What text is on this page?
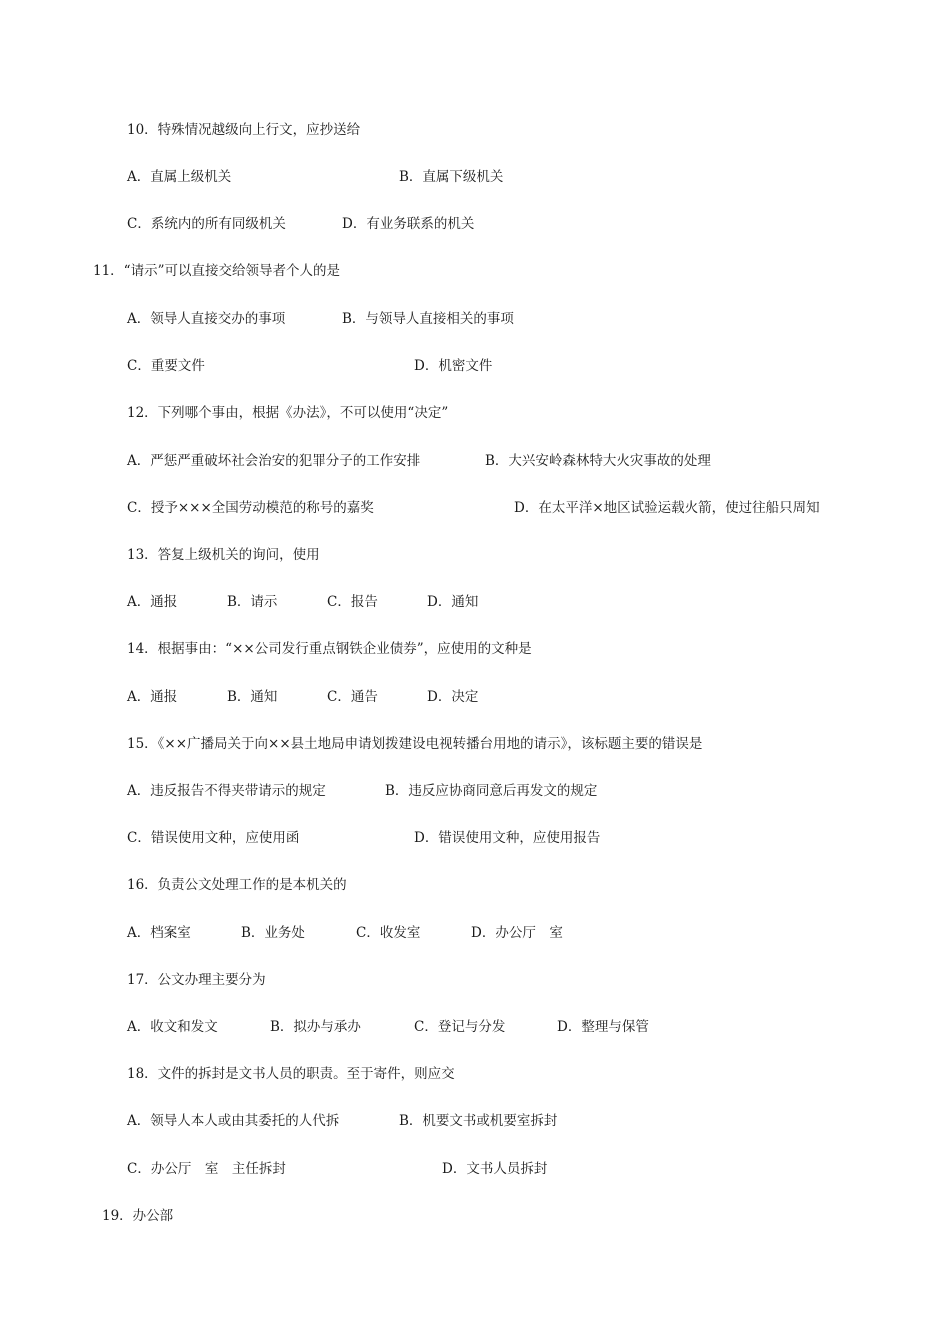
10．特殊情况越级向上行文，应抄送给
A．直属上级机关	B．直属下级机关
C．系统内的所有同级机关	D．有业务联系的机关
11．“请示”可以直接交给领导者个人的是
A．领导人直接交办的事项	B．与领导人直接相关的事项
C．重要文件	D．机密文件
12．下列哪个事由，根据《办法》，不可以使用“决定”
A．严惩严重破坏社会治安的犯罪分子的工作安排	B．大兴安岭森林特大火灾事故的处理
C．授予×××全国劳动模范的称号的嘉奖	D．在太平洋×地区试验运载火箭，使过往船只周知
13．答复上级机关的询问，使用
A．通报	B．请示	C．报告	D．通知
14．根据事由：“××公司发行重点钢铁企业债券”，应使用的文种是
A．通报	B．通知	C．通告	D．决定
15．《××广播局关于向××县土地局申请划拨建设电视转播台用地的请示》，该标题主要的错误是
A．违反报告不得夹带请示的规定	B．违反应协商同意后再发文的规定
C．错误使用文种，应使用函	D．错误使用文种，应使用报告
16．负责公文处理工作的是本机关的
A．档案室	B．业务处	C．收发室	D．办公厅　室
17．公文办理主要分为
A．收文和发文	B．拟办与承办	C．登记与分发	D．整理与保管
18．文件的拆封是文书人员的职责。至于寄件，则应交
A．领导人本人或由其委托的人代拆	B．机要文书或机要室拆封
C．办公厅　室　主任拆封	D．文书人员拆封
19．办公部
